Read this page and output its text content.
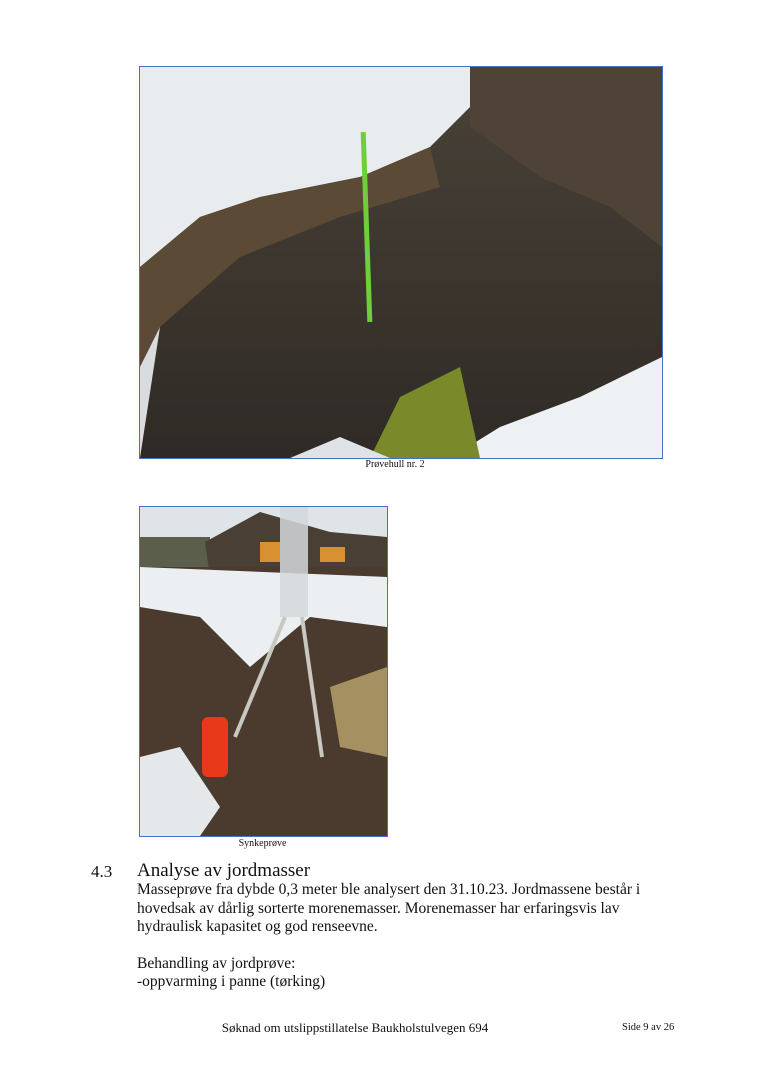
Prøvehull nr. 2
Synkeprøve
4.3 Analyse av jordmasser

Masseprøve fra dybde 0,3 meter ble analysert den 31.10.23. Jordmassene består i

hovedsak av dårlig sorterte morenemasser. Morenemasser har erfaringsvis lav

hydraulisk kapasitet og god renseevne.

Behandling av jordprøve:

-oppvarming i panne (tørking)

Søknad om utslippstillatelse Baukholstulvegen 694	Side 9 av 26
